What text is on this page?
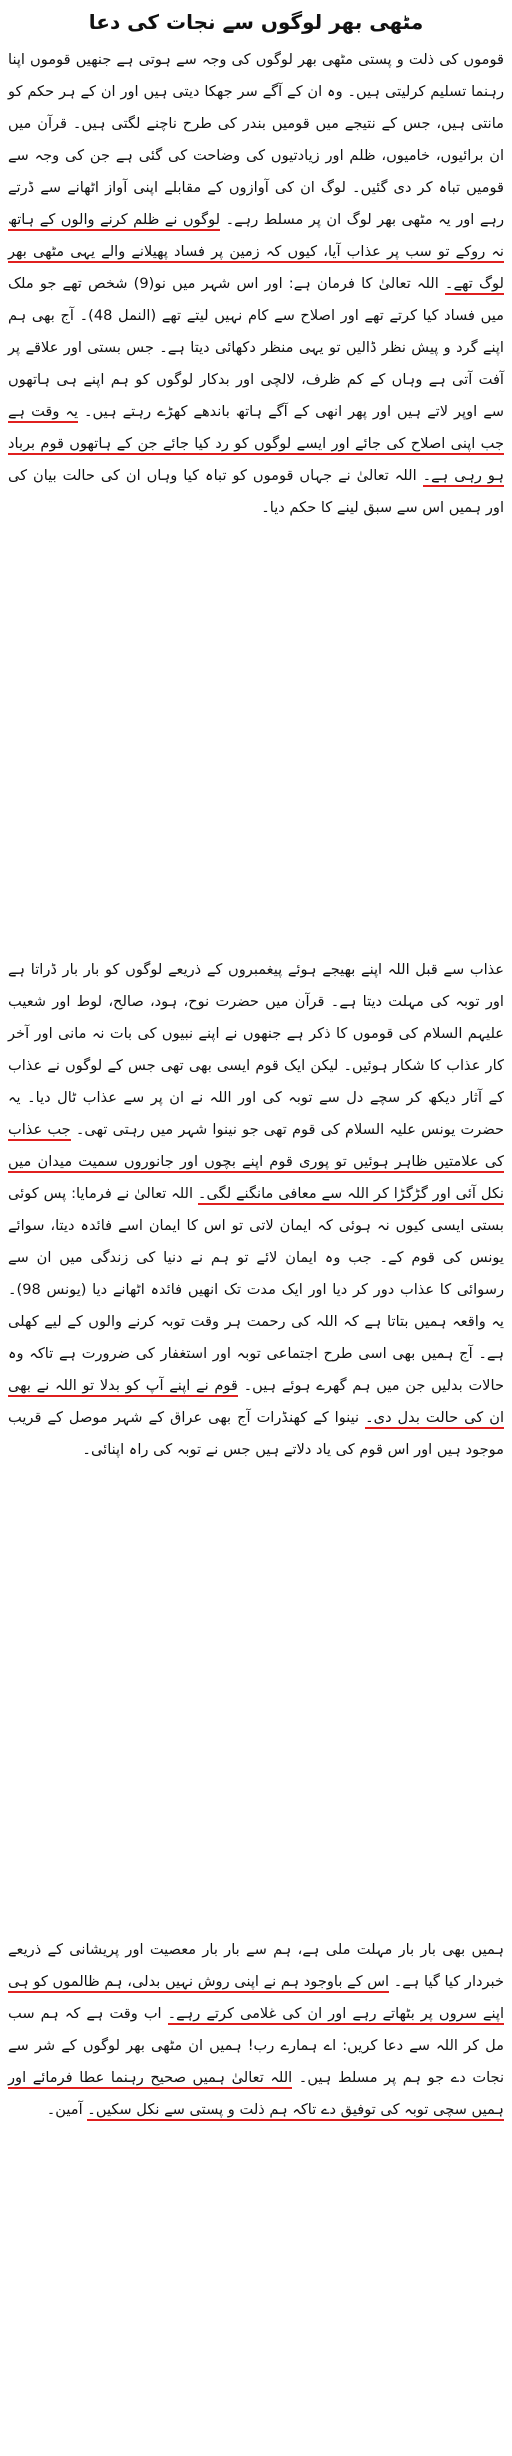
مٹھی بھر لوگوں سے نجات کی دعا

قوموں کی ذلت و پستی مٹھی بھر لوگوں کی وجہ سے ہوتی ہے جنھیں قوموں اپنا رہنما تسلیم کرلیتی ہیں۔ وہ ان کے آگے سر جھکا دیتی ہیں اور ان کے ہر حکم کو مانتی ہیں، جس کے نتیجے میں قومیں بندر کی طرح ناچنے لگتی ہیں۔ قرآن میں ان برائیوں، خامیوں، ظلم اور زیادتیوں کی وضاحت کی گئی ہے جن کی وجہ سے قومیں تباہ کر دی گئیں۔ لوگ ان کی آوازوں کے مقابلے اپنی آواز اٹھانے سے ڈرتے رہے اور یہ مٹھی بھر لوگ ان پر مسلط رہے۔ لوگوں نے ظلم کرنے والوں کے ہاتھ نہ روکے تو سب پر عذاب آیا، کیوں کہ زمین پر فساد پھیلانے والے یہی مٹھی بھر لوگ تھے۔ اللہ تعالیٰ کا فرمان ہے: اور اس شہر میں نو(9) شخص تھے جو ملک میں فساد کیا کرتے تھے اور اصلاح سے کام نہیں لیتے تھے (النمل 48)۔ آج بھی ہم اپنے گرد و پیش نظر ڈالیں تو یہی منظر دکھائی دیتا ہے۔ جس بستی اور علاقے پر آفت آتی ہے وہاں کے کم ظرف، لالچی اور بدکار لوگوں کو ہم اپنے ہی ہاتھوں سے اوپر لاتے ہیں اور پھر انھی کے آگے ہاتھ باندھے کھڑے رہتے ہیں۔ یہ وقت ہے جب اپنی اصلاح کی جائے اور ایسے لوگوں کو رد کیا جائے جن کے ہاتھوں قوم برباد ہو رہی ہے۔ اللہ تعالیٰ نے جہاں قوموں کو تباہ کیا وہاں ان کی حالت بیان کی اور ہمیں اس سے سبق لینے کا حکم دیا۔

عذاب سے قبل اللہ اپنے بھیجے ہوئے پیغمبروں کے ذریعے لوگوں کو بار بار ڈراتا ہے اور توبہ کی مہلت دیتا ہے۔ قرآن میں حضرت نوح، ہود، صالح، لوط اور شعیب علیہم السلام کی قوموں کا ذکر ہے جنھوں نے اپنے نبیوں کی بات نہ مانی اور آخر کار عذاب کا شکار ہوئیں۔ لیکن ایک قوم ایسی بھی تھی جس کے لوگوں نے عذاب کے آثار دیکھ کر سچے دل سے توبہ کی اور اللہ نے ان پر سے عذاب ٹال دیا۔ یہ حضرت یونس علیہ السلام کی قوم تھی جو نینوا شہر میں رہتی تھی۔ جب عذاب کی علامتیں ظاہر ہوئیں تو پوری قوم اپنے بچوں اور جانوروں سمیت میدان میں نکل آئی اور گڑگڑا کر اللہ سے معافی مانگنے لگی۔ اللہ تعالیٰ نے فرمایا: پس کوئی بستی ایسی کیوں نہ ہوئی کہ ایمان لاتی تو اس کا ایمان اسے فائدہ دیتا، سوائے یونس کی قوم کے۔ جب وہ ایمان لائے تو ہم نے دنیا کی زندگی میں ان سے رسوائی کا عذاب دور کر دیا اور ایک مدت تک انھیں فائدہ اٹھانے دیا (یونس 98)۔ یہ واقعہ ہمیں بتاتا ہے کہ اللہ کی رحمت ہر وقت توبہ کرنے والوں کے لیے کھلی ہے۔ آج ہمیں بھی اسی طرح اجتماعی توبہ اور استغفار کی ضرورت ہے تاکہ وہ حالات بدلیں جن میں ہم گھرے ہوئے ہیں۔ قوم نے اپنے آپ کو بدلا تو اللہ نے بھی ان کی حالت بدل دی۔ نینوا کے کھنڈرات آج بھی عراق کے شہر موصل کے قریب موجود ہیں اور اس قوم کی یاد دلاتے ہیں جس نے توبہ کی راہ اپنائی۔

ہمیں بھی بار بار مہلت ملی ہے، ہم سے بار بار معصیت اور پریشانی کے ذریعے خبردار کیا گیا ہے۔ اس کے باوجود ہم نے اپنی روش نہیں بدلی، ہم ظالموں کو ہی اپنے سروں پر بٹھاتے رہے اور ان کی غلامی کرتے رہے۔ اب وقت ہے کہ ہم سب مل کر اللہ سے دعا کریں: اے ہمارے رب! ہمیں ان مٹھی بھر لوگوں کے شر سے نجات دے جو ہم پر مسلط ہیں۔ اللہ تعالیٰ ہمیں صحیح رہنما عطا فرمائے اور ہمیں سچی توبہ کی توفیق دے تاکہ ہم ذلت و پستی سے نکل سکیں۔ آمین۔
